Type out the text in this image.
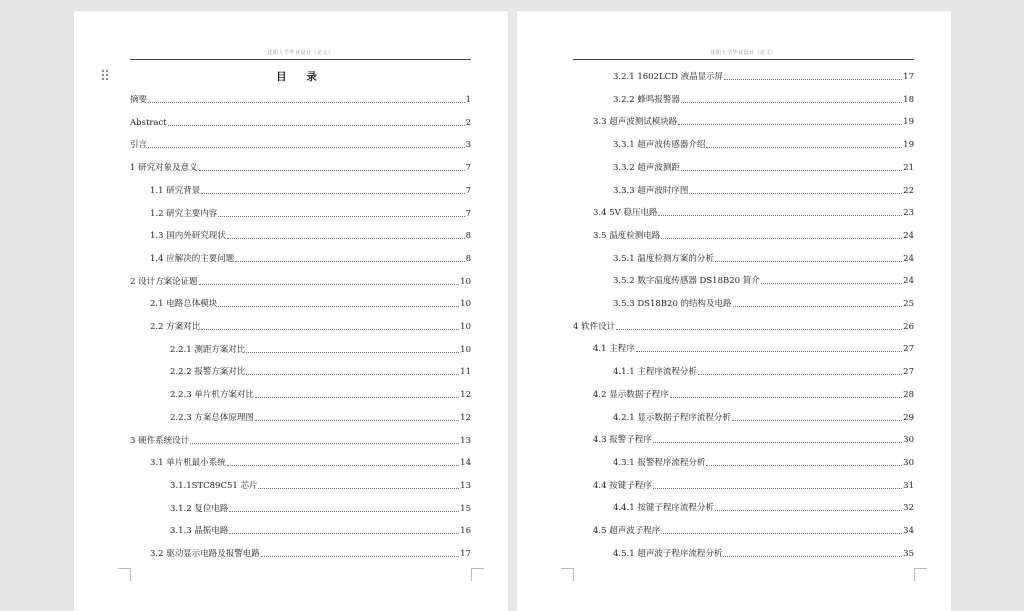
沈阳大学毕业设计（论文）
目 录
摘要	1
Abstract	2
引言	3
1 研究对象及意义	7
1.1 研究背景	7
1.2 研究主要内容	7
1.3 国内外研究现状	8
1.4 应解决的主要问题	8
2 设计方案论证题	10
2.1 电路总体模块	10
2.2 方案对比	10
2.2.1 测距方案对比	10
2.2.2 报警方案对比	11
2.2.3 单片机方案对比	12
2.2.3 方案总体原理图	12
3 硬件系统设计	13
3.1 单片机最小系统	14
3.1.1STC89C51 芯片	13
3.1.2 复位电路	15
3.1.3 晶振电路	16
3.2 驱动显示电路及报警电路	17
沈阳大学毕业设计（论文）
3.2.1 1602LCD 液晶显示屏	17
3.2.2 蜂鸣报警器	18
3.3 超声波测试模块路	19
3.3.1 超声波传感器介绍	19
3.3.2 超声波测距	21
3.3.3 超声波时序图	22
3.4 5V 稳压电路	23
3.5 温度检测电路	24
3.5.1 温度检测方案的分析	24
3.5.2 数字温度传感器 DS18B20 简介	24
3.5.3 DS18B20 的结构及电路	25
4 软件设计	26
4.1 主程序	27
4.1.1 主程序流程分析	27
4.2 显示数据子程序	28
4.2.1 显示数据子程序流程分析	29
4.3 报警子程序	30
4.3.1 报警程序流程分析	30
4.4 按键子程序	31
4.4.1 按键子程序流程分析	32
4.5 超声波子程序	34
4.5.1 超声波子程序流程分析	35
